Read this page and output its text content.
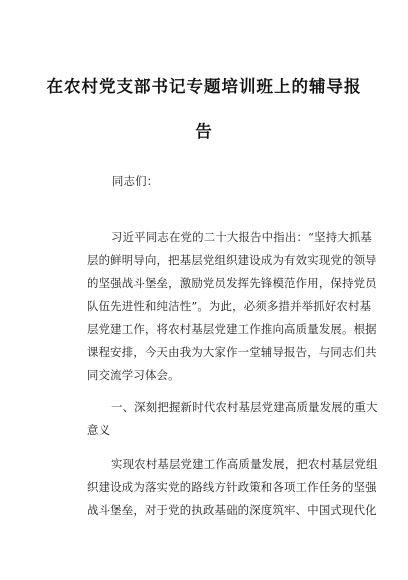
在农村党支部书记专题培训班上的辅导报
告
同志们：
习近平同志在党的二十大报告中指出：“坚持大抓基
层的鲜明导向，把基层党组织建设成为有效实现党的领导
的坚强战斗堡垒，激励党员发挥先锋模范作用，保持党员
队伍先进性和纯洁性”。为此，必须多措并举抓好农村基
层党建工作，将农村基层党建工作推向高质量发展。根据
课程安排，今天由我为大家作一堂辅导报告，与同志们共
同交流学习体会。
一、深刻把握新时代农村基层党建高质量发展的重大
意义
实现农村基层党建工作高质量发展，把农村基层党组
织建设成为落实党的路线方针政策和各项工作任务的坚强
战斗堡垒，对于党的执政基础的深度筑牢、中国式现代化
